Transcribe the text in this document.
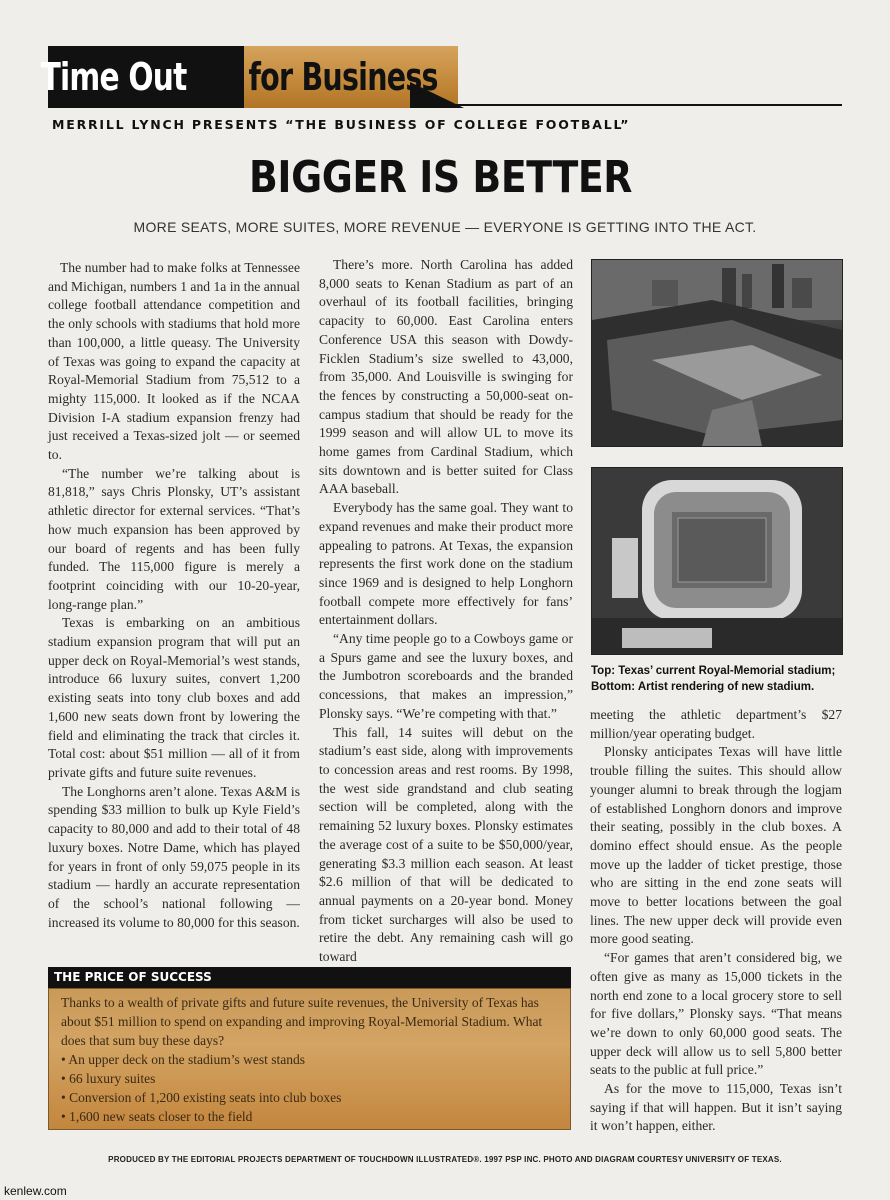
Time Out for Business
MERRILL LYNCH PRESENTS “THE BUSINESS OF COLLEGE FOOTBALL”
BIGGER IS BETTER
MORE SEATS, MORE SUITES, MORE REVENUE — EVERYONE IS GETTING INTO THE ACT.

The number had to make folks at Tennessee and Michigan, numbers 1 and 1a in the annual college football attendance competition and the only schools with stadiums that hold more than 100,000, a little queasy. The University of Texas was going to expand the capacity at Royal-Memorial Stadium from 75,512 to a mighty 115,000. It looked as if the NCAA Division I-A stadium expansion frenzy had just received a Texas-sized jolt — or seemed to.

“The number we’re talking about is 81,818,” says Chris Plonsky, UT’s assistant athletic director for external services. “That’s how much expansion has been approved by our board of regents and has been fully funded. The 115,000 figure is merely a footprint coinciding with our 10-20-year, long-range plan.”

Texas is embarking on an ambitious stadium expansion program that will put an upper deck on Royal-Memorial’s west stands, introduce 66 luxury suites, convert 1,200 existing seats into tony club boxes and add 1,600 new seats down front by lowering the field and eliminating the track that circles it. Total cost: about $51 million — all of it from private gifts and future suite revenues.

The Longhorns aren’t alone. Texas A&M is spending $33 million to bulk up Kyle Field’s capacity to 80,000 and add to their total of 48 luxury boxes. Notre Dame, which has played for years in front of only 59,075 people in its stadium — hardly an accurate representation of the school’s national following — increased its volume to 80,000 for this season.

There’s more. North Carolina has added 8,000 seats to Kenan Stadium as part of an overhaul of its football facilities, bringing capacity to 60,000. East Carolina enters Conference USA this season with Dowdy-Ficklen Stadium’s size swelled to 43,000, from 35,000. And Louisville is swinging for the fences by constructing a 50,000-seat on-campus stadium that should be ready for the 1999 season and will allow UL to move its home games from Cardinal Stadium, which sits downtown and is better suited for Class AAA baseball.

Everybody has the same goal. They want to expand revenues and make their product more appealing to patrons. At Texas, the expansion represents the first work done on the stadium since 1969 and is designed to help Longhorn football compete more effectively for fans’ entertainment dollars.

“Any time people go to a Cowboys game or a Spurs game and see the luxury boxes, and the Jumbotron scoreboards and the branded concessions, that makes an impression,” Plonsky says. “We’re competing with that.”

This fall, 14 suites will debut on the stadium’s east side, along with improvements to concession areas and rest rooms. By 1998, the west side grandstand and club seating section will be completed, along with the remaining 52 luxury boxes. Plonsky estimates the average cost of a suite to be $50,000/year, generating $3.3 million each season. At least $2.6 million of that will be dedicated to annual payments on a 20-year bond. Money from ticket surcharges will also be used to retire the debt. Any remaining cash will go toward

Top: Texas’ current Royal-Memorial stadium;
Bottom: Artist rendering of new stadium.

meeting the athletic department’s $27 million/year operating budget.

Plonsky anticipates Texas will have little trouble filling the suites. This should allow younger alumni to break through the logjam of established Longhorn donors and improve their seating, possibly in the club boxes. A domino effect should ensue. As the people move up the ladder of ticket prestige, those who are sitting in the end zone seats will move to better locations between the goal lines. The new upper deck will provide even more good seating.

“For games that aren’t considered big, we often give as many as 15,000 tickets in the north end zone to a local grocery store to sell for five dollars,” Plonsky says. “That means we’re down to only 60,000 good seats. The upper deck will allow us to sell 5,800 better seats to the public at full price.”

As for the move to 115,000, Texas isn’t saying if that will happen. But it isn’t saying it won’t happen, either.

THE PRICE OF SUCCESS
Thanks to a wealth of private gifts and future suite revenues, the University of Texas has about $51 million to spend on expanding and improving Royal-Memorial Stadium. What does that sum buy these days?
• An upper deck on the stadium’s west stands
• 66 luxury suites
• Conversion of 1,200 existing seats into club boxes
• 1,600 new seats closer to the field
PRODUCED BY THE EDITORIAL PROJECTS DEPARTMENT OF TOUCHDOWN ILLUSTRATED®. 1997 PSP INC. PHOTO AND DIAGRAM COURTESY UNIVERSITY OF TEXAS.
kenlew.com
